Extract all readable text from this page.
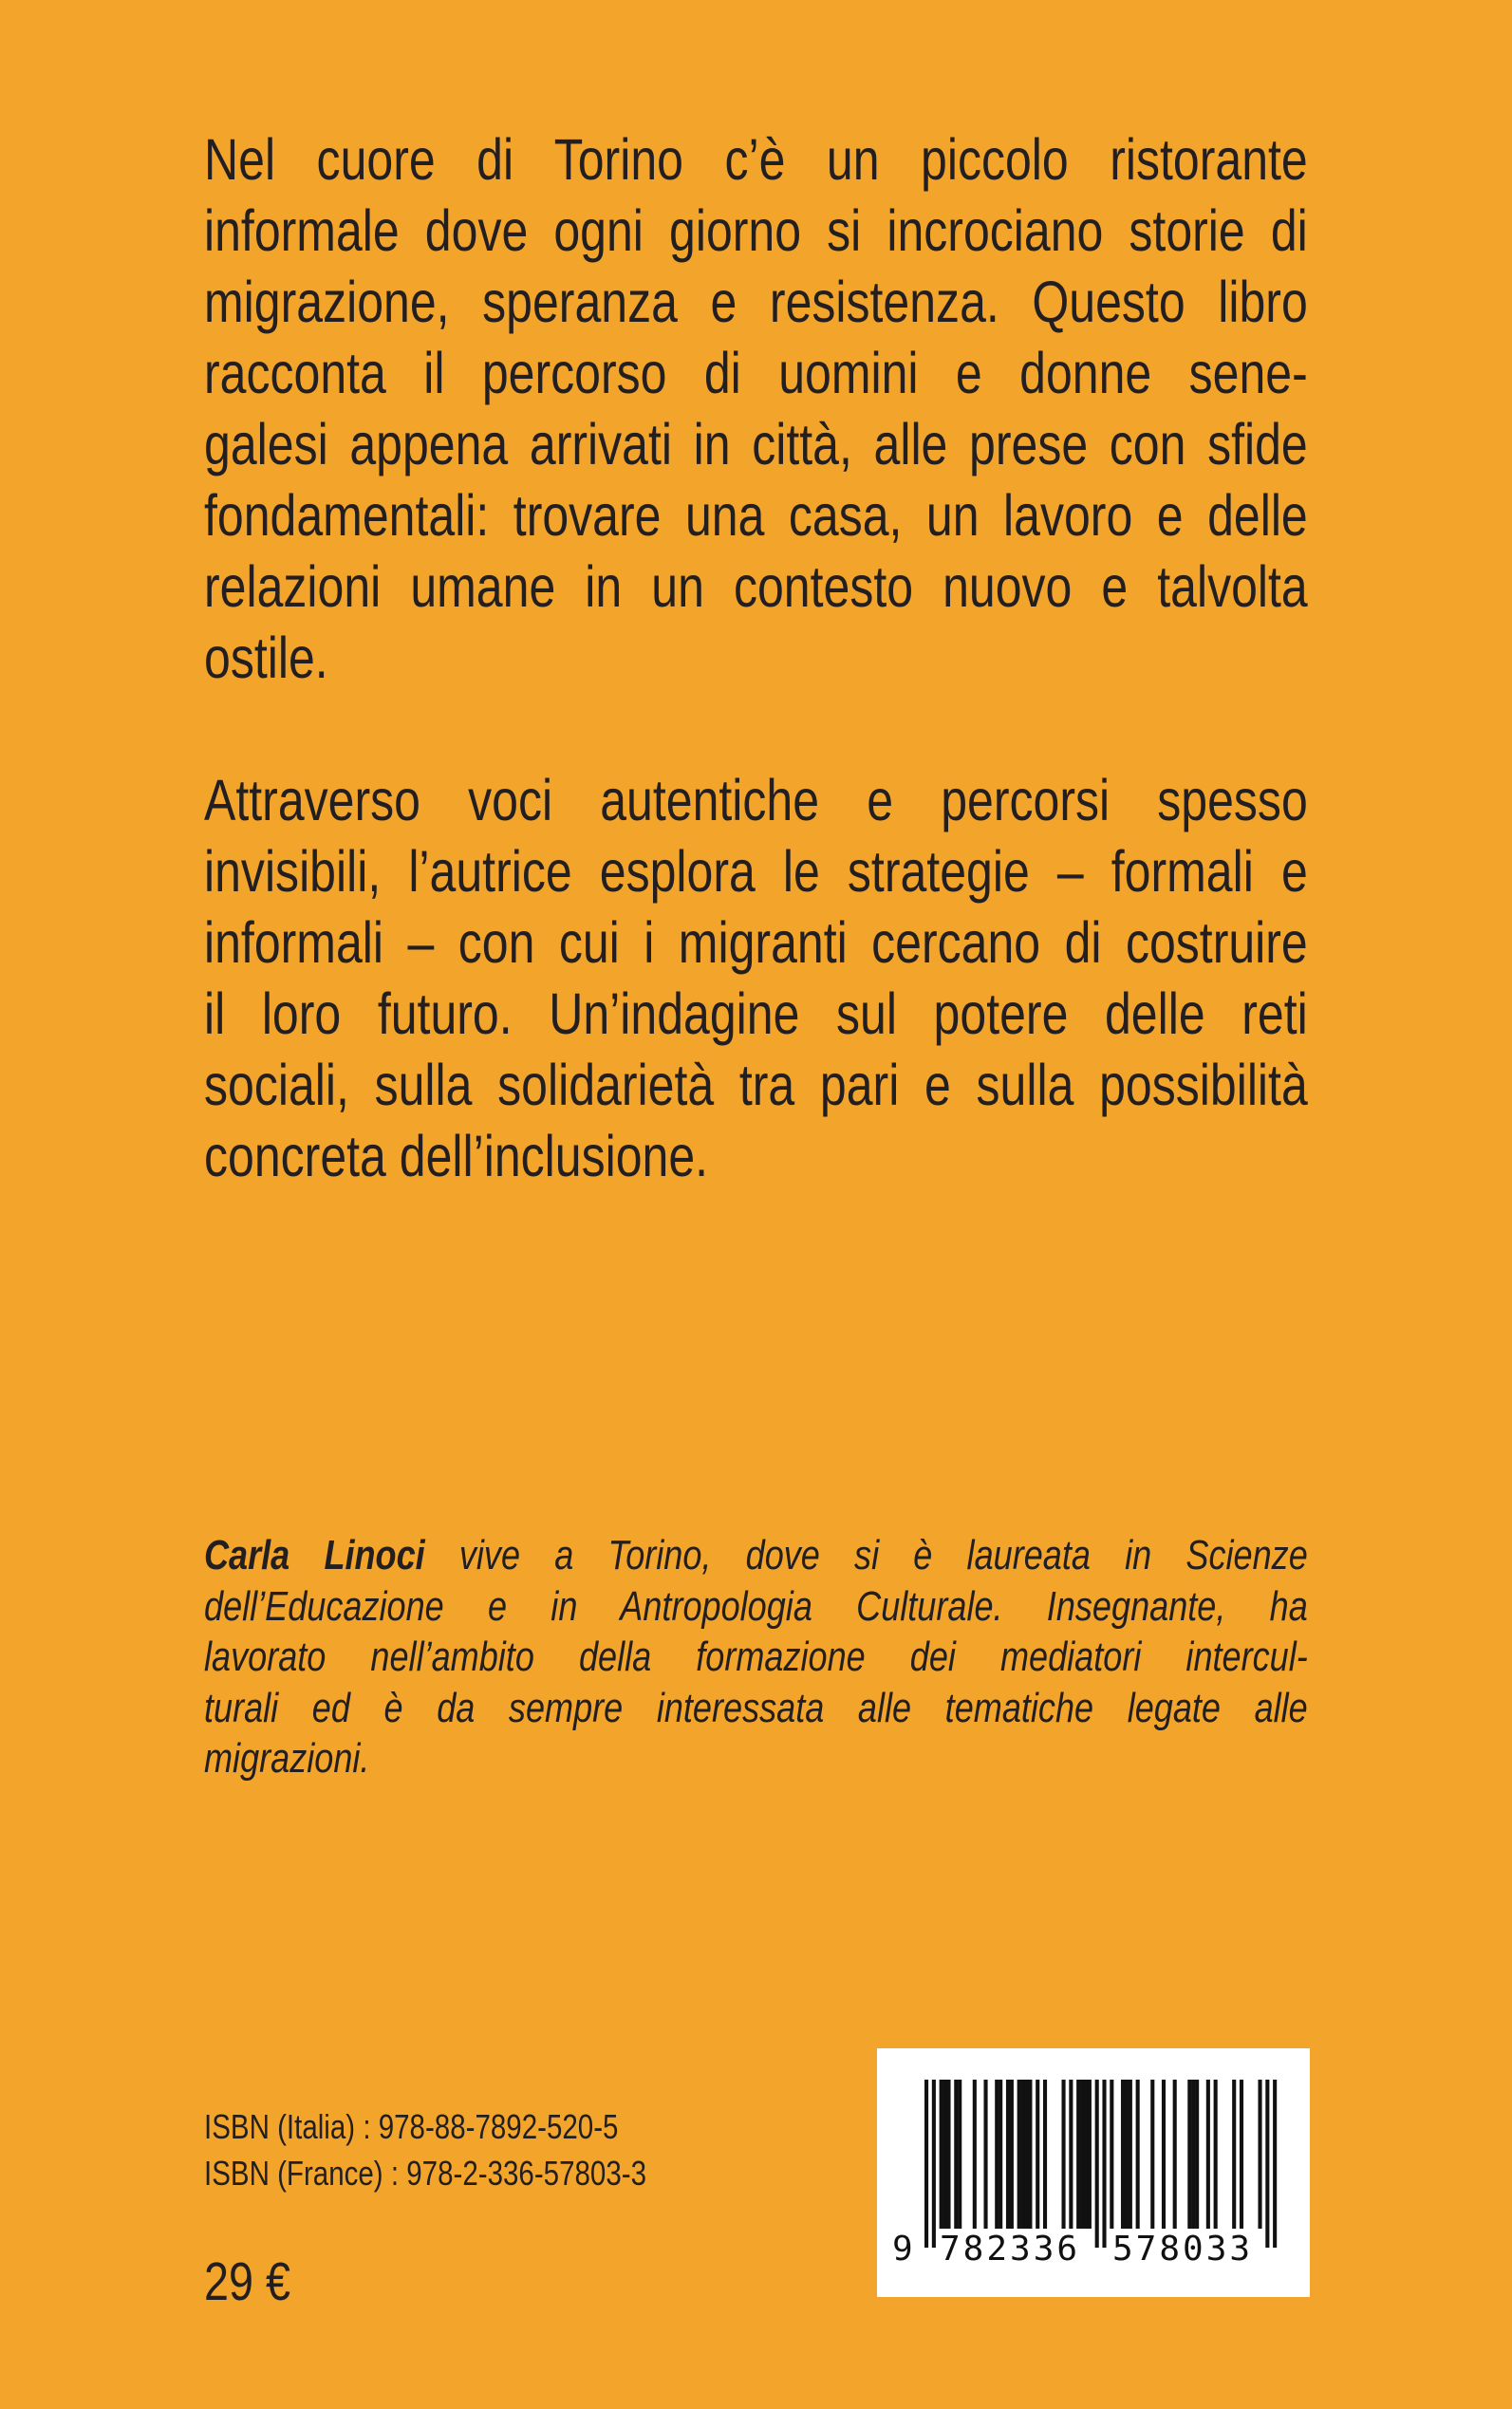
Nel cuore di Torino c’è un piccolo ristorante
informale dove ogni giorno si incrociano storie di
migrazione, speranza e resistenza. Questo libro
racconta il percorso di uomini e donne sene-
galesi appena arrivati in città, alle prese con sfide
fondamentali: trovare una casa, un lavoro e delle
relazioni umane in un contesto nuovo e talvolta
ostile.
Attraverso voci autentiche e percorsi spesso
invisibili, l’autrice esplora le strategie – formali e
informali – con cui i migranti cercano di costruire
il loro futuro. Un’indagine sul potere delle reti
sociali, sulla solidarietà tra pari e sulla possibilità
concreta dell’inclusione.
Carla Linoci vive a Torino, dove si è laureata in Scienze
dell’Educazione e in Antropologia Culturale. Insegnante, ha
lavorato nell’ambito della formazione dei mediatori intercul-
turali ed è da sempre interessata alle tematiche legate alle
migrazioni.
ISBN (Italia) : 978-88-7892-520-5
ISBN (France) : 978-2-336-57803-3
29 €
9 782336 578033
